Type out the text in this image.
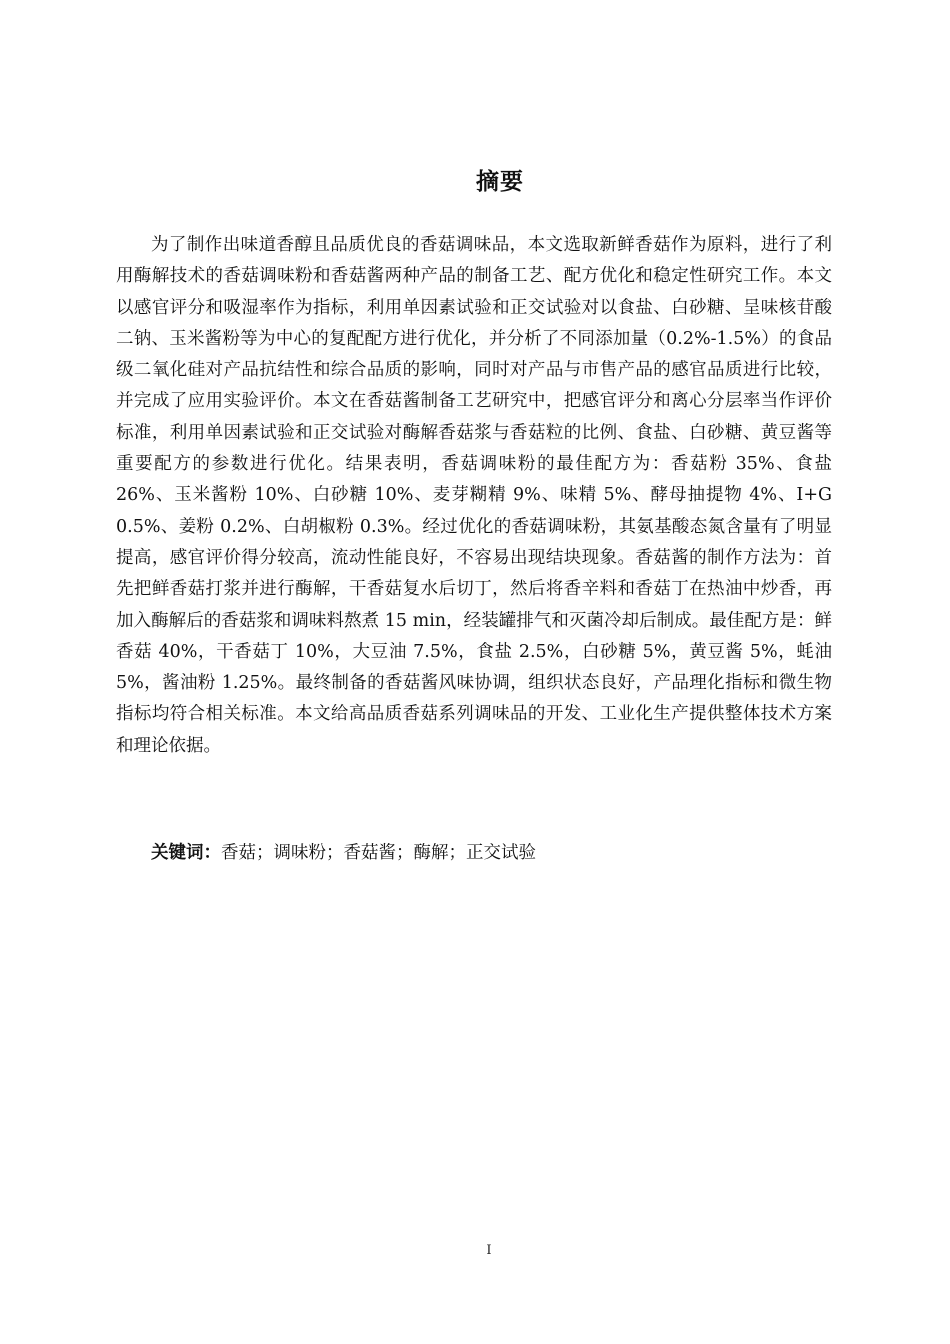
摘要

为了制作出味道香醇且品质优良的香菇调味品，本文选取新鲜香菇作为原料，进行了利用酶解技术的香菇调味粉和香菇酱两种产品的制备工艺、配方优化和稳定性研究工作。本文以感官评分和吸湿率作为指标，利用单因素试验和正交试验对以食盐、白砂糖、呈味核苷酸二钠、玉米酱粉等为中心的复配配方进行优化，并分析了不同添加量（0.2%-1.5%）的食品级二氧化硅对产品抗结性和综合品质的影响，同时对产品与市售产品的感官品质进行比较，并完成了应用实验评价。本文在香菇酱制备工艺研究中，把感官评分和离心分层率当作评价标准，利用单因素试验和正交试验对酶解香菇浆与香菇粒的比例、食盐、白砂糖、黄豆酱等重要配方的参数进行优化。结果表明，香菇调味粉的最佳配方为：香菇粉 35%、食盐 26%、玉米酱粉 10%、白砂糖 10%、麦芽糊精 9%、味精 5%、酵母抽提物 4%、I+G 0.5%、姜粉 0.2%、白胡椒粉 0.3%。经过优化的香菇调味粉，其氨基酸态氮含量有了明显提高，感官评价得分较高，流动性能良好，不容易出现结块现象。香菇酱的制作方法为：首先把鲜香菇打浆并进行酶解，干香菇复水后切丁，然后将香辛料和香菇丁在热油中炒香，再加入酶解后的香菇浆和调味料熬煮 15 min，经装罐排气和灭菌冷却后制成。最佳配方是：鲜香菇 40%，干香菇丁 10%，大豆油 7.5%，食盐 2.5%，白砂糖 5%，黄豆酱 5%，蚝油 5%，酱油粉 1.25%。最终制备的香菇酱风味协调，组织状态良好，产品理化指标和微生物指标均符合相关标准。本文给高品质香菇系列调味品的开发、工业化生产提供整体技术方案和理论依据。

关键词：香菇；调味粉；香菇酱；酶解；正交试验

I
